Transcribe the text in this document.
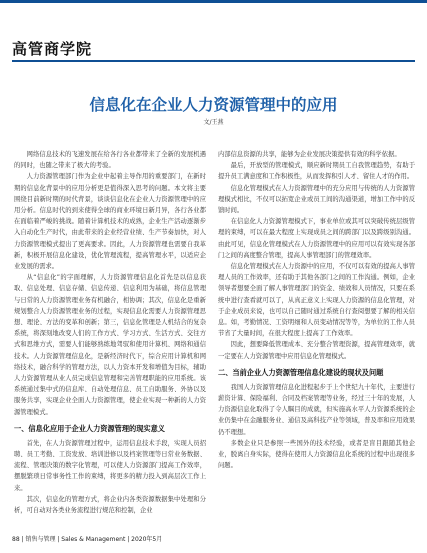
高管商学院
信息化在企业人力资源管理中的应用
文/王燕

网络信息技术的飞速发展在给各行各业都带来了全新的发展机遇的同时，也随之带来了极大的考验。

人力资源管理部门作为企业中起着主导作用的重要部门，在新时期的信息化背景中的应用分析更是值得深入思考的问题。本文将主要围绕目前新时期的时代背景，谈谈信息化在企业人力资源管理中的应用分析。信息时代的到来使得全球的商业环境日新月异，各行各业都在面临着严峻的挑战。随着计算机技术的成熟，企业生产活动逐渐步入自动化生产时代，由此带来的企业经营业绩、生产节奏加快，对人力资源管理模式提出了更高要求。因此，人力资源管理也需要自我革新，积极开展信息化建设，优化管理流程，提高管理水平，以适应企业发展的需求。

从“信息化”的字面理解，人力资源管理信息化首先是以信息获取、信息处理、信息存储、信息传递、信息利用为基础，将信息管理与日常的人力资源管理业务有机融合，相协调；其次，信息化是重新规划整合人力资源管理业务的过程，实现信息化需要人力资源管理思想、理论、方法的变革和创新；第三，信息化管理是人机结合的复杂系统，将深刻地改变人们的工作方式、学习方式、生活方式、交往方式和思维方式，需要人们能够熟练地驾驭和使用计算机、网络和通信技术。人力资源管理信息化，是新经济时代下，综合应用计算机和网络技术，融合科学的管理方法，以人力资本开发和增值为目标，辅助人力资源管理从业人员完成信息管理和完善管理职能的应用系统。该系统通过集中式的信息库、自动处理信息、员工自助服务、外协以及服务共享，实现企业全面人力资源管理，使企业实现一种新的人力资源管理模式。

一、信息化应用于企业人力资源管理的现实意义

首先，在人力资源管理过程中，运用信息技术手段，实现人员招聘、员工考勤、工资发放、培训进修以及档案管理等日常业务数据、流程、管理决策的数字化管理，可以使人力资源部门提高工作效率，摆脱繁琐日常事务性工作的束缚，将更多的精力投入到高层次工作上来。

其次，信息化的管理方式，将企业内各类资源数据集中处理和分析，可自动对各类业务流程进行规范和控制，企业

内部信息资源的共享，能够为企业发展决策提供有效的科学依据。

最后，开放型的管理模式，顺应新时期员工自我管理趋势，有助于提升员工满意度和工作积极性，从而发挥积引人才、留住人才的作用。

信息化管理模式在人力资源管理中的充分应用与传统的人力资源管理模式相比，不仅可以拓宽企业或员工间的沟通渠道，增加工作中的反馈时间。

在信息化人力资源管理模式下，事业单位或其可以突破传统层级管理的束缚，可以在最大程度上实现成员之间的跨部门以及跨级别沟通。由此可见，信息化管理模式在人力资源管理中的应用可以有效实现各部门之间的高度整合管理，提高人事管理部门的管理效率。

信息化管理模式在人力资源中的应用，不仅可以有效的提高人事管理人员的工作效率，还有助于其他各部门之间的工作沟通。例如，企业领导者想要全面了解人事管理部门的资金、绩效和人员情况，只要在系统中进行查看就可以了，从真正意义上实现人力资源的信息化管理，对于企业成员来说，也可以自己随时通过系统自行查阅想要了解的相关信息。如，考勤情况、工资明细和人员变动情况等等，为单位的工作人员节省了大量时间，在很大程度上提高了工作效率。

因此，想要降低管理成本、充分整合管理资源，提高管理效率，就一定要在人力资源管理中应用信息化管理模式。

二、当前企业人力资源管理信息化建设的现状及问题

我国人力资源管理信息化进程起步于上个世纪九十年代，主要进行薪资计算、保险福利、合同及档案管理等业务，经过三十年的发展，人力资源信息化取得了令人瞩目的成就，但实施高水平人力资源系统的企业仍集中在金融服务业、通信及高科技产业等领域，普及率和应用效果仍不理想。

多数企业只是参照一些国外的技术经验，或者是盲目跟随其他企业，脱离自身实际，使得在使用人力资源信息化系统的过程中出现很多问题。

88 | 销售与管理 | Sales & Management | 2020年5月
